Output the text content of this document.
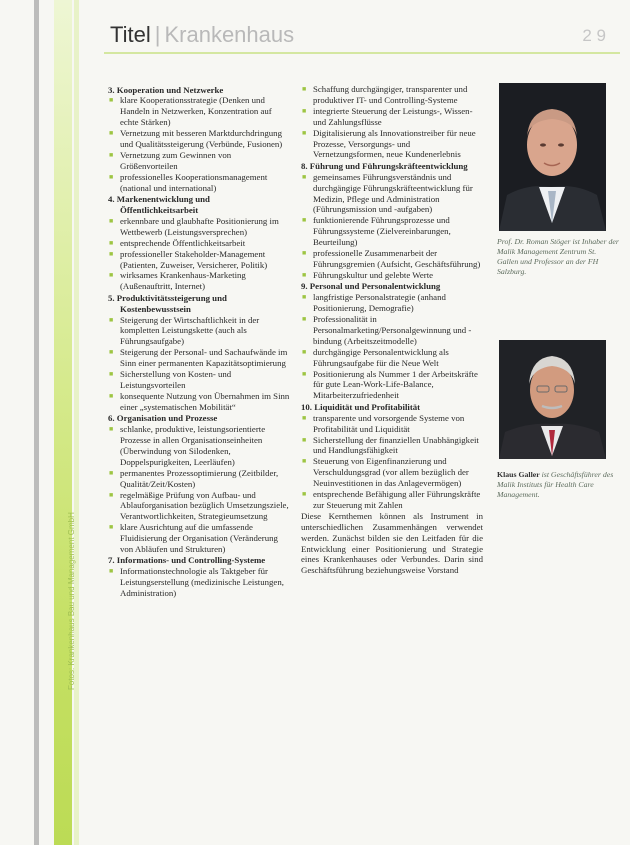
Fotos: Krankenhaus Bau und Management GmbH
Titel | Krankenhaus	2 9
3. Kooperation und Netzwerke
■ klare Kooperationsstrategie (Denken und Handeln in Netzwerken, Konzentration auf echte Stärken)
■ Vernetzung mit besseren Marktdurchdringung und Qualitätssteigerung (Verbünde, Fusionen)
■ Vernetzung zum Gewinnen von Größenvorteilen
■ professionelles Kooperationsmanagement (national und international)
4. Markenentwicklung und Öffentlichkeitsarbeit
■ erkennbare und glaubhafte Positionierung im Wettbewerb (Leistungsversprechen)
■ entsprechende Öffentlichkeitsarbeit
■ professioneller Stakeholder-Management (Patienten, Zuweiser, Versicherer, Politik)
■ wirksames Krankenhaus-Marketing (Außenauftritt, Internet)
5. Produktivitätssteigerung und Kostenbewusstsein
■ Steigerung der Wirtschaftlichkeit in der kompletten Leistungskette (auch als Führungsaufgabe)
■ Steigerung der Personal- und Sachaufwände im Sinn einer permanenten Kapazitätsoptimierung
■ Sicherstellung von Kosten- und Leistungsvorteilen
■ konsequente Nutzung von Übernahmen im Sinn einer „systematischen Mobilität“
6. Organisation und Prozesse
■ schlanke, produktive, leistungsorientierte Prozesse in allen Organisationseinheiten (Überwindung von Silodenken, Doppelspurigkeiten, Leerläufen)
■ permanentes Prozessoptimierung (Zeitbilder, Qualität/Zeit/Kosten)
■ regelmäßige Prüfung von Aufbau- und Ablauforganisation bezüglich Umsetzungsziele, Verantwortlichkeiten, Strategieumsetzung
■ klare Ausrichtung auf die umfassende Fluidisierung der Organisation (Veränderung von Abläufen und Strukturen)
7. Informations- und Controlling-Systeme
■ Informationstechnologie als Taktgeber für Leistungserstellung (medizinische Leistungen, Administration)
■ Schaffung durchgängiger, transparenter und produktiver IT- und Controlling-Systeme
■ integrierte Steuerung der Leistungs-, Wissen- und Zahlungsflüsse
■ Digitalisierung als Innovationstreiber für neue Prozesse, Versorgungs- und Vernetzungsformen, neue Kundenerlebnis
8. Führung und Führungskräfteentwicklung
■ gemeinsames Führungsverständnis und durchgängige Führungskräfteentwicklung für Medizin, Pflege und Administration (Führungsmission und -aufgaben)
■ funktionierende Führungsprozesse und Führungssysteme (Zielvereinbarungen, Beurteilung)
■ professionelle Zusammenarbeit der Führungsgremien (Aufsicht, Geschäftsführung)
■ Führungskultur und gelebte Werte
9. Personal und Personalentwicklung
■ langfristige Personalstrategie (anhand Positionierung, Demografie)
■ Professionalität in Personalmarketing/Personalgewinnung und -bindung (Arbeitszeitmodelle)
■ durchgängige Personalentwicklung als Führungsaufgabe für die Neue Welt
■ Positionierung als Nummer 1 der Arbeitskräfte für gute Lean-Work-Life-Balance, Mitarbeiterzufriedenheit
10. Liquidität und Profitabilität
■ transparente und vorsorgende Systeme von Profitabilität und Liquidität
■ Sicherstellung der finanziellen Unabhängigkeit und Handlungsfähigkeit
■ Steuerung von Eigenfinanzierung und Verschuldungsgrad (vor allem bezüglich der Neuinvestitionen in das Anlagevermögen)
■ entsprechende Befähigung aller Führungskräfte zur Steuerung mit Zahlen
Diese Kernthemen können als Instrument in unterschiedlichen Zusammenhängen verwendet werden. Zunächst bilden sie den Leitfaden für die Entwicklung einer Positionierung und Strategie eines Krankenhauses oder Verbundes. Darin sind Geschäftsführung beziehungsweise Vorstand
Prof. Dr. Roman Stöger ist Inhaber der Malik Management Zentrum St. Gallen und Professor an der FH Salzburg.
Klaus Galler ist Geschäftsführer des Malik Instituts für Health Care Management.
